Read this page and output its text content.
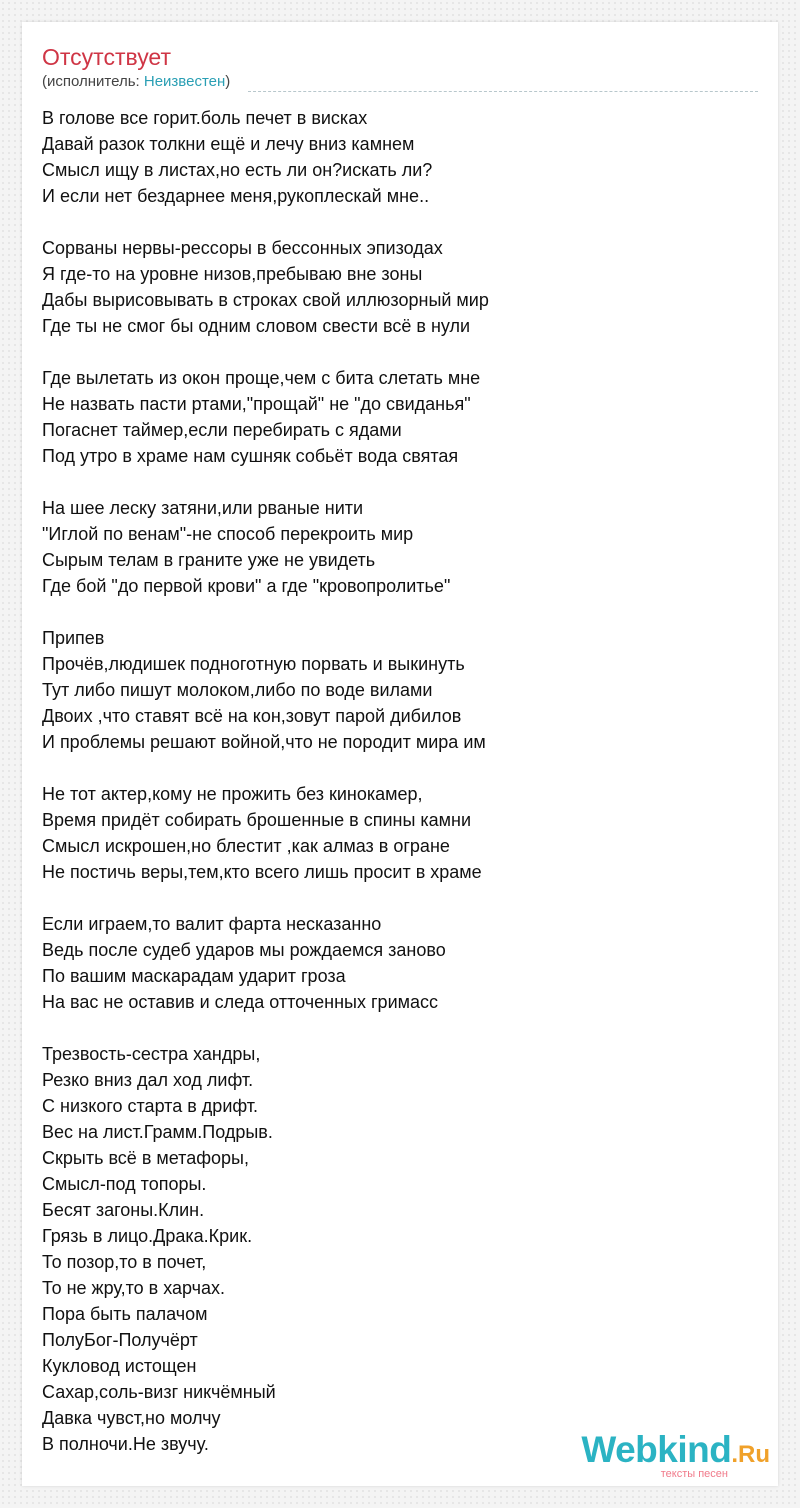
Отсутствует
(исполнитель: Неизвестен)
В голове все горит.боль печет в висках
Давай разок толкни ещё и лечу вниз камнем
Смысл ищу в листах,но есть ли он?искать ли?
И если нет бездарнее меня,рукоплескай мне..
Сорваны нервы-рессоры в бессонных эпизодах
Я где-то на уровне низов,пребываю вне зоны
Дабы вырисовывать в строках свой иллюзорный мир
Где ты не смог бы одним словом свести всё в нули
Где вылетать из окон проще,чем с бита слетать мне
Не назвать пасти ртами,"прощай" не "до свиданья"
Погаснет таймер,если перебирать с ядами
Под утро в храме нам сушняк собьёт вода святая
На шее леску затяни,или рваные нити
"Иглой по венам"-не способ перекроить мир
Сырым телам в граните уже не увидеть
Где бой "до первой крови" а где "кровопролитье"
Припев
Прочёв,людишек подноготную порвать и выкинуть
Тут либо пишут молоком,либо по воде вилами
Двоих ,что ставят всё на кон,зовут парой дибилов
И проблемы решают войной,что не породит мира им
Не тот актер,кому не прожить без кинокамер,
Время придёт собирать брошенные в спины камни
Смысл искрошен,но блестит ,как алмаз в огране
Не постичь веры,тем,кто всего лишь просит в храме
Если играем,то валит фарта несказанно
Ведь после судеб ударов мы рождаемся заново
По вашим маскарадам ударит гроза
На вас не оставив и следа отточенных гримасс
Трезвость-сестра хандры,
Резко вниз дал ход лифт.
С низкого старта в дрифт.
Вес на лист.Грамм.Подрыв.
Скрыть всё в метафоры,
Смысл-под топоры.
Бесят загоны.Клин.
Грязь в лицо.Драка.Крик.
То позор,то в почет,
То не жру,то в харчах.
Пора быть палачом
ПолуБог-Получёрт
Кукловод истощен
Сахар,соль-визг никчёмный
Давка чувст,но молчу
В полночи.Не звучу.	Webkind.Ru
тексты песен
